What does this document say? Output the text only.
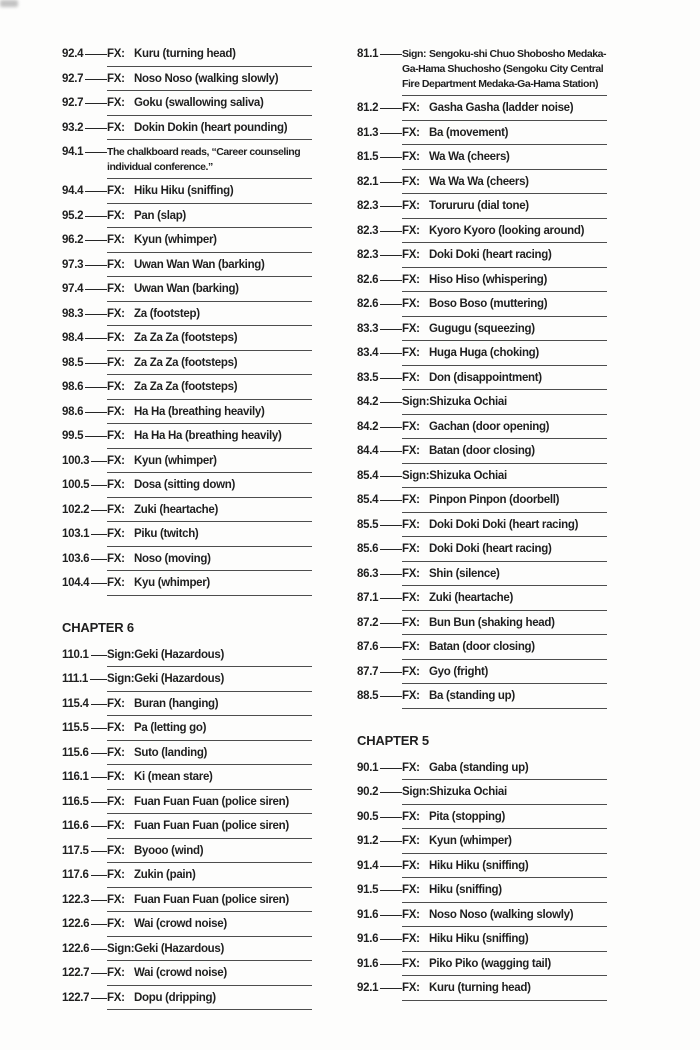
92.4 FX: Kuru (turning head)
92.7 FX: Noso Noso (walking slowly)
92.7 FX: Goku (swallowing saliva)
93.2 FX: Dokin Dokin (heart pounding)
94.1 The chalkboard reads, “Career counseling individual conference.”
94.4 FX: Hiku Hiku (sniffing)
95.2 FX: Pan (slap)
96.2 FX: Kyun (whimper)
97.3 FX: Uwan Wan Wan (barking)
97.4 FX: Uwan Wan (barking)
98.3 FX: Za (footstep)
98.4 FX: Za Za Za (footsteps)
98.5 FX: Za Za Za (footsteps)
98.6 FX: Za Za Za (footsteps)
98.6 FX: Ha Ha (breathing heavily)
99.5 FX: Ha Ha Ha (breathing heavily)
100.3 FX: Kyun (whimper)
100.5 FX: Dosa (sitting down)
102.2 FX: Zuki (heartache)
103.1 FX: Piku (twitch)
103.6 FX: Noso (moving)
104.4 FX: Kyu (whimper)
CHAPTER 6
110.1 Sign:Geki (Hazardous)
111.1 Sign:Geki (Hazardous)
115.4 FX: Buran (hanging)
115.5 FX: Pa (letting go)
115.6 FX: Suto (landing)
116.1 FX: Ki (mean stare)
116.5 FX: Fuan Fuan Fuan (police siren)
116.6 FX: Fuan Fuan Fuan (police siren)
117.5 FX: Byooo (wind)
117.6 FX: Zukin (pain)
122.3 FX: Fuan Fuan Fuan (police siren)
122.6 FX: Wai (crowd noise)
122.6 Sign:Geki (Hazardous)
122.7 FX: Wai (crowd noise)
122.7 FX: Dopu (dripping)
81.1 Sign: Sengoku-shi Chuo Shobosho Medaka-Ga-Hama Shuchosho (Sengoku City Central Fire Department Medaka-Ga-Hama Station)
81.2 FX: Gasha Gasha (ladder noise)
81.3 FX: Ba (movement)
81.5 FX: Wa Wa (cheers)
82.1 FX: Wa Wa Wa (cheers)
82.3 FX: Torururu (dial tone)
82.3 FX: Kyoro Kyoro (looking around)
82.3 FX: Doki Doki (heart racing)
82.6 FX: Hiso Hiso (whispering)
82.6 FX: Boso Boso (muttering)
83.3 FX: Gugugu (squeezing)
83.4 FX: Huga Huga (choking)
83.5 FX: Don (disappointment)
84.2 Sign:Shizuka Ochiai
84.2 FX: Gachan (door opening)
84.4 FX: Batan (door closing)
85.4 Sign:Shizuka Ochiai
85.4 FX: Pinpon Pinpon (doorbell)
85.5 FX: Doki Doki Doki (heart racing)
85.6 FX: Doki Doki (heart racing)
86.3 FX: Shin (silence)
87.1 FX: Zuki (heartache)
87.2 FX: Bun Bun (shaking head)
87.6 FX: Batan (door closing)
87.7 FX: Gyo (fright)
88.5 FX: Ba (standing up)
CHAPTER 5
90.1 FX: Gaba (standing up)
90.2 Sign:Shizuka Ochiai
90.5 FX: Pita (stopping)
91.2 FX: Kyun (whimper)
91.4 FX: Hiku Hiku (sniffing)
91.5 FX: Hiku (sniffing)
91.6 FX: Noso Noso (walking slowly)
91.6 FX: Hiku Hiku (sniffing)
91.6 FX: Piko Piko (wagging tail)
92.1 FX: Kuru (turning head)
